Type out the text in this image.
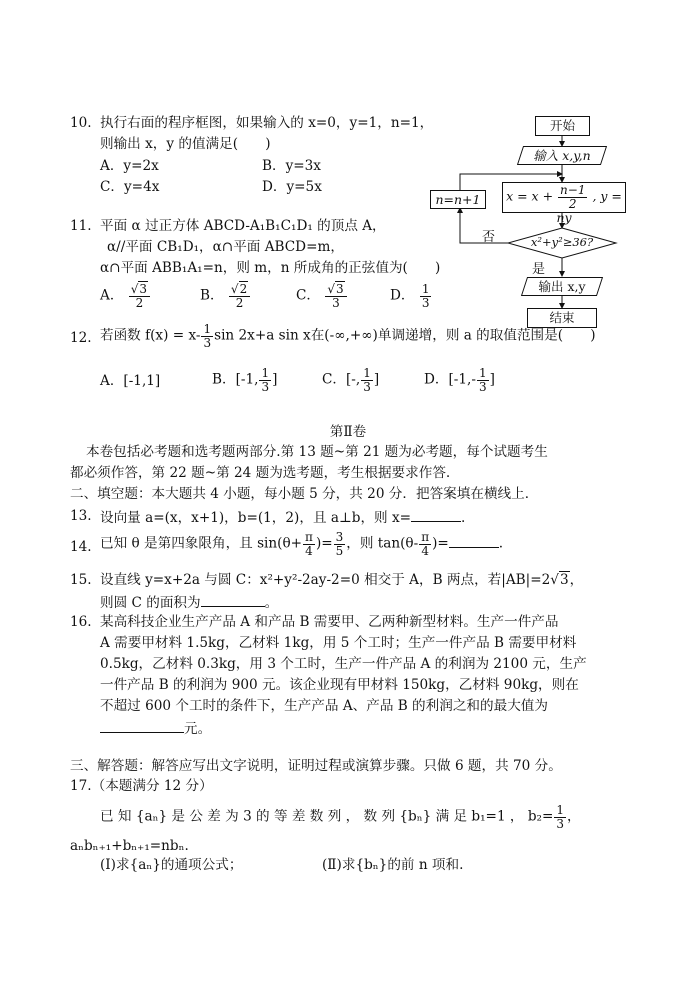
10. 执行右面的程序框图，如果输入的 x=0，y=1，n=1，
则输出 x，y 的值满足(　　)
A．y=2x	B．y=3x
C．y=4x	D．y=5x
开始
输入 x,y,n
n=n+1	$x = x + \frac{n-1}{2}$ , y = ny
x²+y²≥36?
否
是
输出 x,y
结束
11. 平面 α 过正方体 ABCD-A₁B₁C₁D₁ 的顶点 A，
α//平面 CB₁D₁，α∩平面 ABCD=m，
α∩平面 ABB₁A₁=n，则 m，n 所成角的正弦值为(　　)
A． $\frac{√3}{2}$	B． $\frac{√2}{2}$	C． $\frac{√3}{3}$	D． $\frac{1}{3}$
12. 若函数 $f(x) = x- \frac{1}{3}$ sin 2x+a sin x在(-∞,+∞)单调递增，则 a 的取值范围是(　　)
A．[-1,1]	B．[-1, $\frac{1}{3}$ ]	C．[-, $\frac{1}{3}$ ]	D．[$-1,- \frac{1}{3}$ ]
第Ⅱ卷
本卷包括必考题和选考题两部分.第 13 题~第 21 题为必考题，每个试题考生
都必须作答，第 22 题~第 24 题为选考题，考生根据要求作答.
二、填空题：本大题共 4 小题，每小题 5 分，共 20 分．把答案填在横线上．
13. 设向量 a=(x，x+1)，b=(1，2)，且 a⊥b，则 x=	.
14. 已知 θ 是第四象限角，且 $\sin(\theta+ \frac{\pi}{4}$ )= $\frac{3}{5}$ ，则 $\tan(\theta- \frac{\pi}{4}$ )=	.
15. 设直线 y=x+2a 与圆 C：x²+y²-2ay-2=0 相交于 A，B 两点，若|AB|=2√3，
则圆 C 的面积为	。
16. 某高科技企业生产产品 A 和产品 B 需要甲、乙两种新型材料。生产一件产品
A 需要甲材料 1.5kg，乙材料 1kg，用 5 个工时；生产一件产品 B 需要甲材料
0.5kg，乙材料 0.3kg，用 3 个工时，生产一件产品 A 的利润为 2100 元，生产
一件产品 B 的利润为 900 元。该企业现有甲材料 150kg，乙材料 90kg，则在
不超过 600 个工时的条件下，生产产品 A、产品 B 的利润之和的最大值为
元。
三、解答题：解答应写出文字说明，证明过程或演算步骤。只做 6 题，共 70 分。
17.（本题满分 12 分）
已 知 {aₙ} 是 公 差 为 3 的 等 差 数 列 ， 数 列 {bₙ} 满 足 b₁=1 ， $b_2= \frac{1}{3}$ ，
aₙbₙ₊₁+bₙ₊₁=nbₙ.
(Ⅰ)求{aₙ}的通项公式；	(Ⅱ)求{bₙ}的前 n 项和.
